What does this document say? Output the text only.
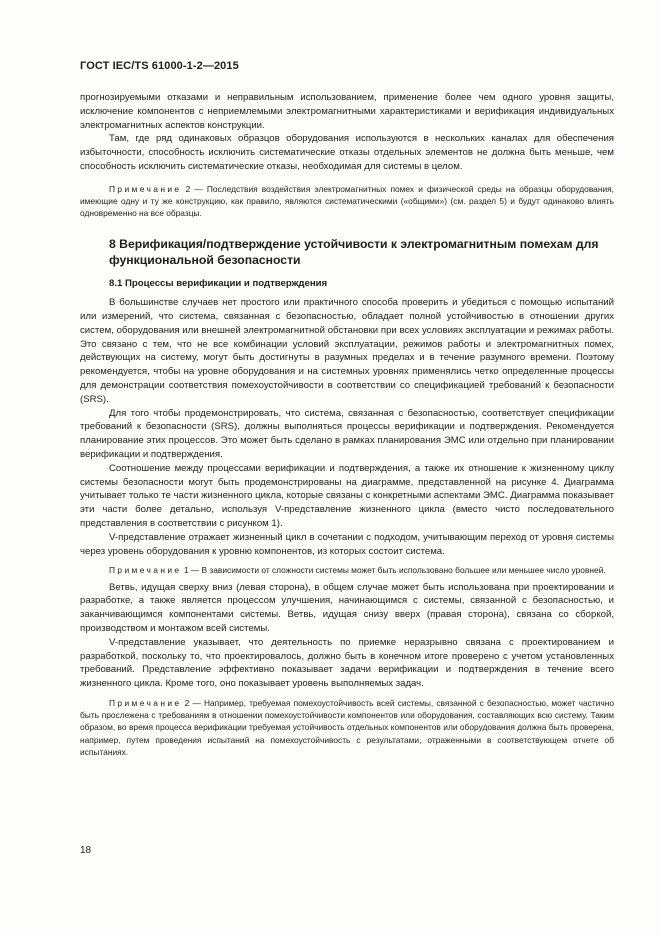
ГОСТ IEC/TS 61000-1-2—2015

прогнозируемыми отказами и неправильным использованием, применение более чем одного уровня защиты, исключение компонентов с неприемлемыми электромагнитными характеристиками и верификация индивидуальных электромагнитных аспектов конструкции.

Там, где ряд одинаковых образцов оборудования используются в нескольких каналах для обеспечения избыточности, способность исключить систематические отказы отдельных элементов не должна быть меньше, чем способность исключить систематические отказы, необходимая для системы в целом.

Примечание 2 — Последствия воздействия электромагнитных помех и физической среды на образцы оборудования, имеющие одну и ту же конструкцию, как правило, являются систематическими («общими») (см. раздел 5) и будут одинаково влиять одновременно на все образцы.

8 Верификация/подтверждение устойчивости к электромагнитным помехам для функциональной безопасности
8.1 Процессы верификации и подтверждения

В большинстве случаев нет простого или практичного способа проверить и убедиться с помощью испытаний или измерений, что система, связанная с безопасностью, обладает полной устойчивостью в отношении других систем, оборудования или внешней электромагнитной обстановки при всех условиях эксплуатации и режимах работы. Это связано с тем, что не все комбинации условий эксплуатации, режимов работы и электромагнитных помех, действующих на систему, могут быть достигнуты в разумных пределах и в течение разумного времени. Поэтому рекомендуется, чтобы на уровне оборудования и на системных уровнях применялись четко определенные процессы для демонстрации соответствия помехоустойчивости в соответствии со спецификацией требований к безопасности (SRS).

Для того чтобы продемонстрировать, что система, связанная с безопасностью, соответствует спецификации требований к безопасности (SRS), должны выполняться процессы верификации и подтверждения. Рекомендуется планирование этих процессов. Это может быть сделано в рамках планирования ЭМС или отдельно при планировании верификации и подтверждения.

Соотношение между процессами верификации и подтверждения, а также их отношение к жизненному циклу системы безопасности могут быть продемонстрированы на диаграмме, представленной на рисунке 4. Диаграмма учитывает только те части жизненного цикла, которые связаны с конкретными аспектами ЭМС. Диаграмма показывает эти части более детально, используя V-представление жизненного цикла (вместо чисто последовательного представления в соответствии с рисунком 1).

V-представление отражает жизненный цикл в сочетании с подходом, учитывающим переход от уровня системы через уровень оборудования к уровню компонентов, из которых состоит система.

Примечание 1 — В зависимости от сложности системы может быть использовано большее или меньшее число уровней.

Ветвь, идущая сверху вниз (левая сторона), в общем случае может быть использована при проектировании и разработке, а также является процессом улучшения, начинающимся с системы, связанной с безопасностью, и заканчивающимся компонентами системы. Ветвь, идущая снизу вверх (правая сторона), связана со сборкой, производством и монтажом всей системы.

V-представление указывает, что деятельность по приемке неразрывно связана с проектированием и разработкой, поскольку то, что проектировалось, должно быть в конечном итоге проверено с учетом установленных требований. Представление эффективно показывает задачи верификации и подтверждения в течение всего жизненного цикла. Кроме того, оно показывает уровень выполняемых задач.

Примечание 2 — Например, требуемая помехоустойчивость всей системы, связанной с безопасностью, может частично быть прослежена с требованиям в отношении помехоустойчивости компонентов или оборудования, составляющих всю систему. Таким образом, во время процесса верификации требуемая устойчивость отдельных компонентов или оборудования должна быть проверена, например, путем проведения испытаний на помехоустойчивость с результатами, отраженными в соответствующем отчете об испытаниях.

18
